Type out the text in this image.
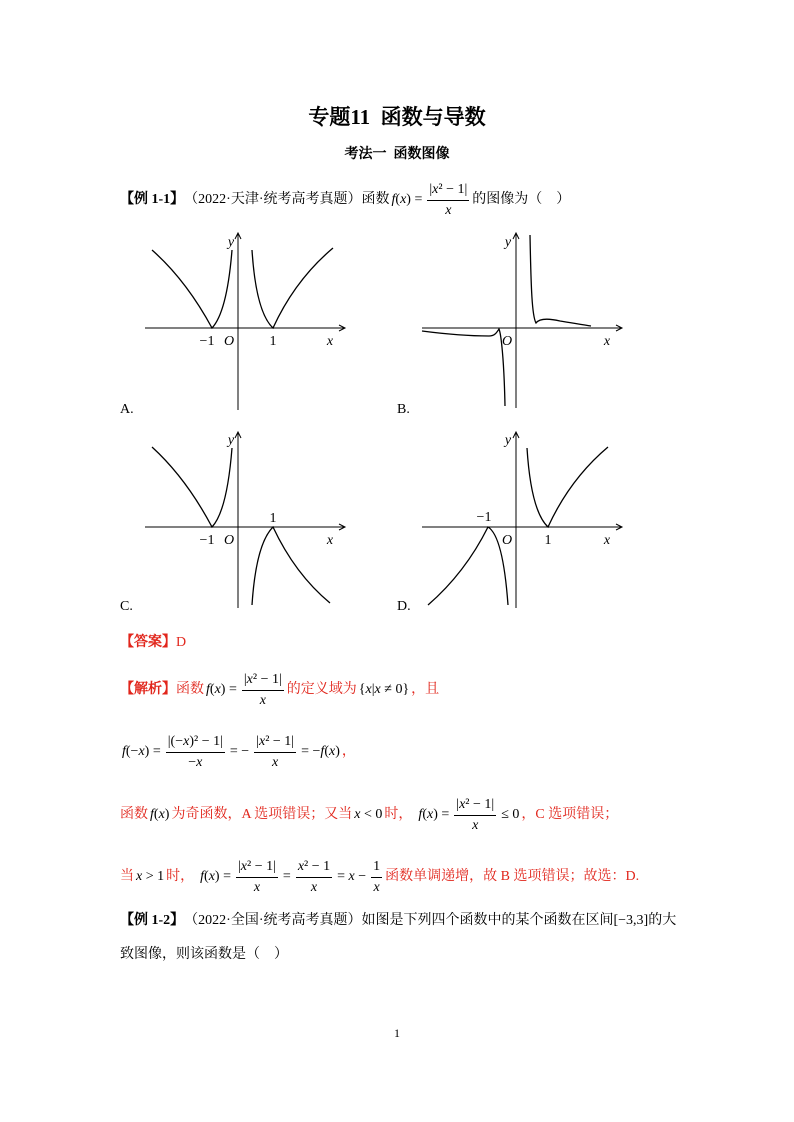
专题11  函数与导数
考法一  函数图像
【例 1-1】 （2022·天津·统考高考真题）函数 $f(x) = \frac{\text{|x² − 1|}}{x}$ 的图像为（    ）
y
x
−1 O	1
A.
y
O	x
B.
y
−1 O
1
x
C.
y
−1
O 1	x
D.
【答案】 D
【解析】 函数 $f(x) = \frac{\text{|x² − 1|}}{x}$ 的定义域为 {x|x ≠ 0} ，且
$f(-x) = \frac{\text{|(−x)² − 1|}}{-x}$ = − $\frac{\text{|x² − 1|}}{x} = -f(x)$ ，
函数 f(x) 为奇函数，A 选项错误；又当 x < 0 时， $f(x) = \frac{\text{|x² − 1|}}{x} \le 0$ ，C 选项错误；
当 x > 1 时， $f(x) = \frac{\text{|x² − 1|}}{x} = \frac{\text{x² − 1}}{x} = x - \frac{1}{x}$ 函数单调递增，故 B 选项错误；故选：D.
【例 1-2】 （2022·全国·统考高考真题）如图是下列四个函数中的某个函数在区间[−3,3]的大
致图像，则该函数是（    ）
1
